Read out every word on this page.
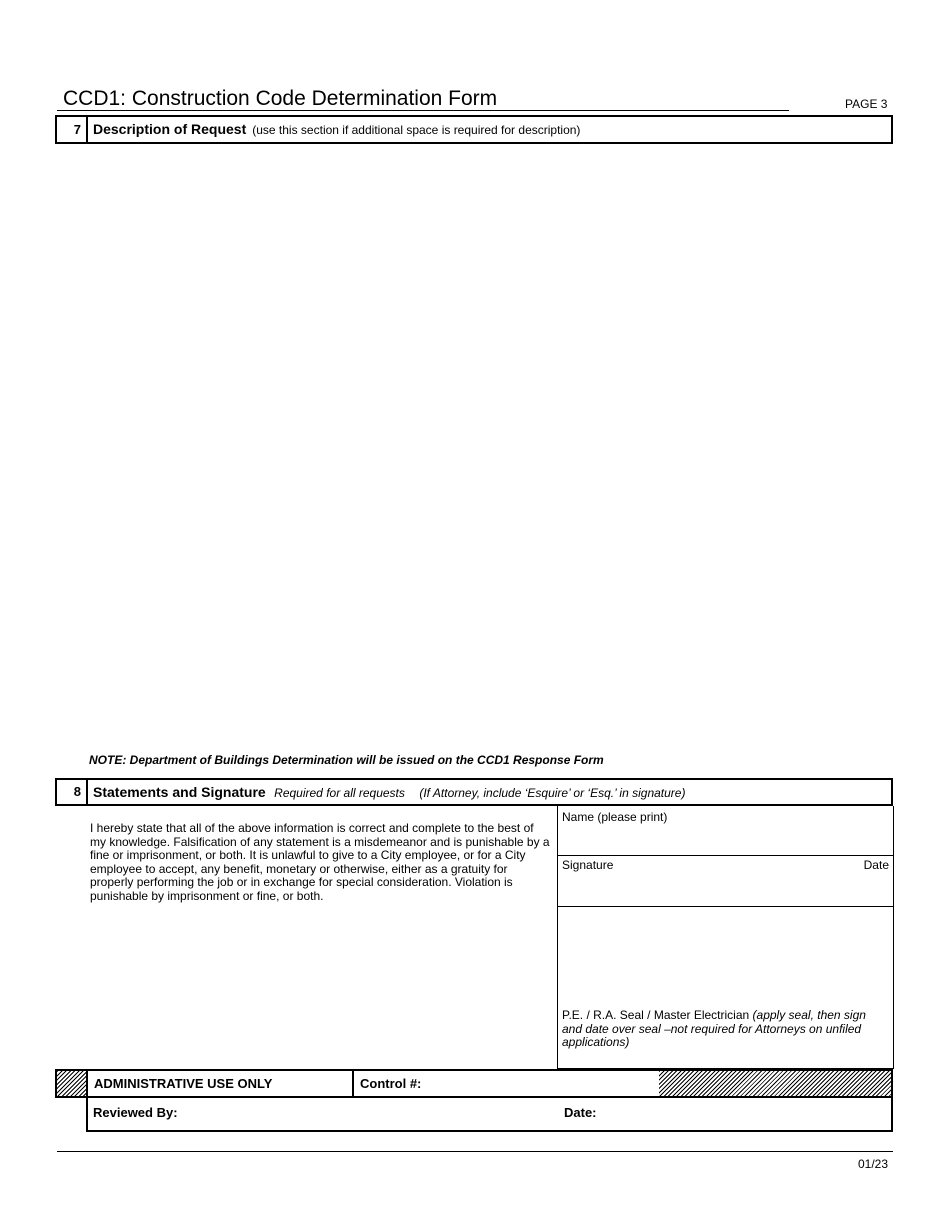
CCD1: Construction Code Determination Form	PAGE 3
7 Description of Request (use this section if additional space is required for description)
NOTE: Department of Buildings Determination will be issued on the CCD1 Response Form
8 Statements and Signature Required for all requests (If Attorney, include ‘Esquire’ or ‘Esq.’ in signature)
I hereby state that all of the above information is correct and complete to the best of my knowledge. Falsification of any statement is a misdemeanor and is punishable by a fine or imprisonment, or both. It is unlawful to give to a City employee, or for a City employee to accept, any benefit, monetary or otherwise, either as a gratuity for properly performing the job or in exchange for special consideration. Violation is punishable by imprisonment or fine, or both.
Name (please print)
Signature	Date
P.E. / R.A. Seal / Master Electrician (apply seal, then sign and date over seal –not required for Attorneys on unfiled applications)
ADMINISTRATIVE USE ONLY	Control #:
Reviewed By:	Date:
01/23
